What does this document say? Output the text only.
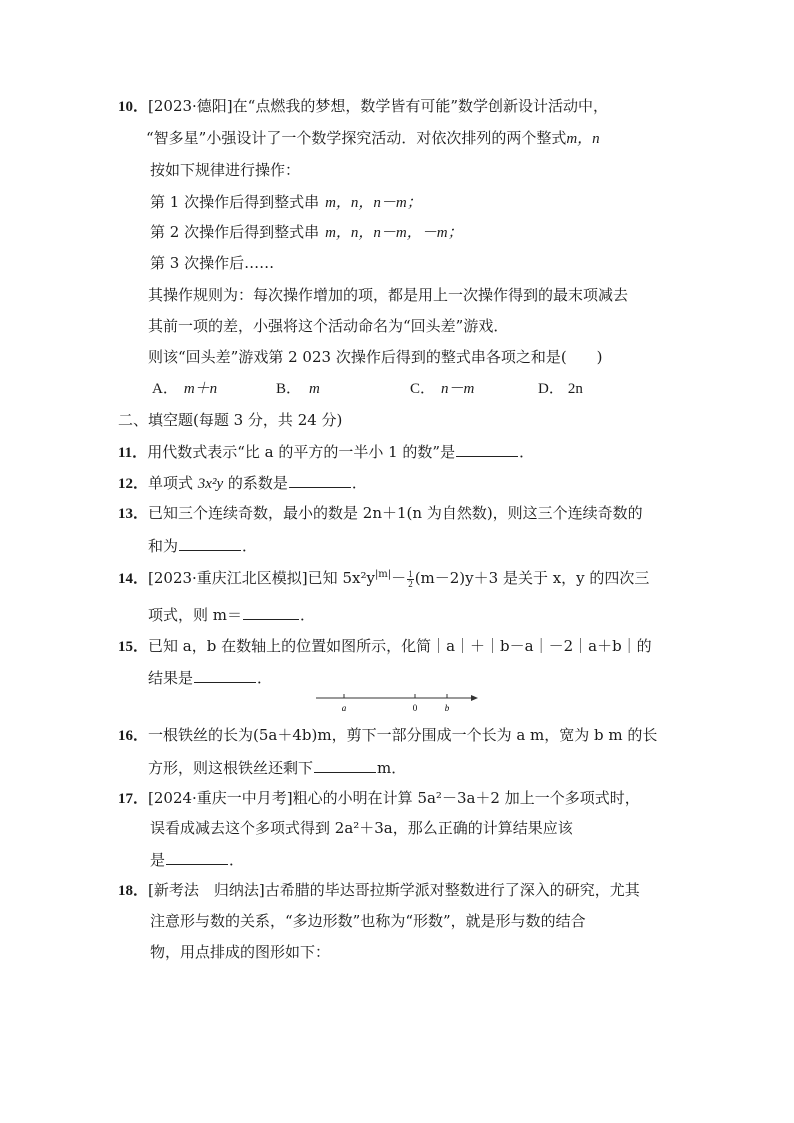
10．[2023·德阳]在“点燃我的梦想，数学皆有可能”数学创新设计活动中，
“智多星”小强设计了一个数学探究活动．对依次排列的两个整式m，n
按如下规律进行操作：
第 1 次操作后得到整式串 m，n，n－m；
第 2 次操作后得到整式串 m，n，n－m，－m；
第 3 次操作后……
其操作规则为：每次操作增加的项，都是用上一次操作得到的最末项减去
其前一项的差，小强将这个活动命名为“回头差”游戏．
则该“回头差”游戏第 2 023 次操作后得到的整式串各项之和是(　　)
A． m＋n	B． m	C． n－m	D． 2n
二、填空题(每题 3 分，共 24 分)
11．用代数式表示“比 a 的平方的一半小 1 的数”是	．
12．单项式 3x²y 的系数是	．
13．已知三个连续奇数，最小的数是 2n＋1(n 为自然数)，则这三个连续奇数的
和为	．
14．[2023·重庆江北区模拟]已知 $5x^2y^{|m|}- \frac{1}{2} (m-2)y+3$ 是关于 x，y 的四次三
项式，则 m＝	．
15．已知 a，b 在数轴上的位置如图所示，化简｜a｜＋｜b－a｜－2｜a＋b｜的
结果是	．
a	0	b
16．一根铁丝的长为(5a＋4b)m，剪下一部分围成一个长为 a m，宽为 b m 的长
方形，则这根铁丝还剩下	m．
17．[2024·重庆一中月考]粗心的小明在计算 5a²－3a＋2 加上一个多项式时，
误看成减去这个多项式得到 2a²＋3a，那么正确的计算结果应该
是	．
18．[新考法　归纳法]古希腊的毕达哥拉斯学派对整数进行了深入的研究，尤其
注意形与数的关系，“多边形数”也称为“形数”，就是形与数的结合
物，用点排成的图形如下：
